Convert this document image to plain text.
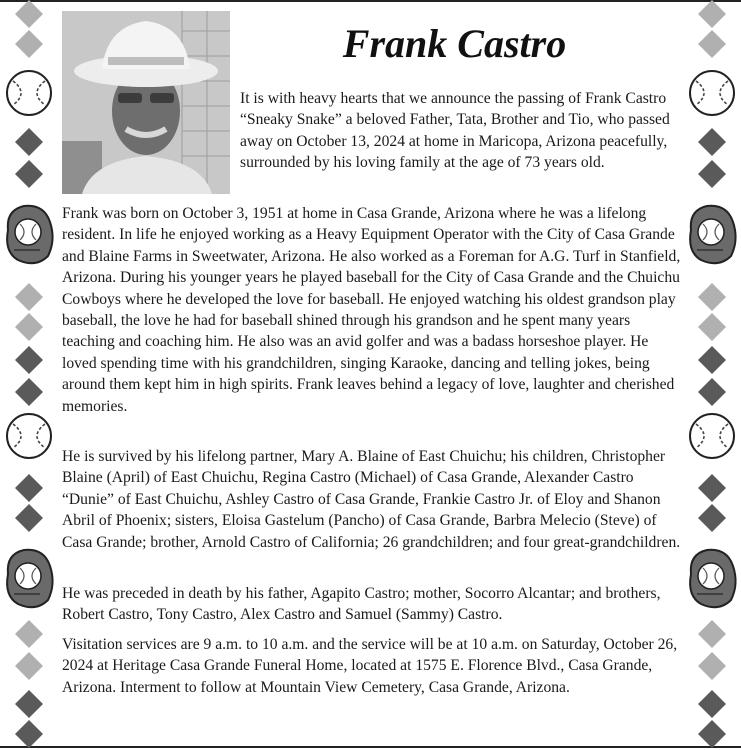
Frank Castro

It is with heavy hearts that we announce the passing of Frank Castro “Sneaky Snake” a beloved Father, Tata, Brother and Tio, who passed away on October 13, 2024 at home in Maricopa, Arizona peacefully, surrounded by his loving family at the age of 73 years old.

Frank was born on October 3, 1951 at home in Casa Grande, Arizona where he was a lifelong resident. In life he enjoyed working as a Heavy Equipment Operator with the City of Casa Grande and Blaine Farms in Sweetwater, Arizona. He also worked as a Foreman for A.G. Turf in Stanfield, Arizona. During his younger years he played baseball for the City of Casa Grande and the Chuichu Cowboys where he developed the love for baseball. He enjoyed watching his oldest grandson play baseball, the love he had for baseball shined through his grandson and he spent many years teaching and coaching him. He also was an avid golfer and was a badass horseshoe player. He loved spending time with his grandchildren, singing Karaoke, dancing and telling jokes, being around them kept him in high spirits. Frank leaves behind a legacy of love, laughter and cherished memories.

He is survived by his lifelong partner, Mary A. Blaine of East Chuichu; his children, Christopher Blaine (April) of East Chuichu, Regina Castro (Michael) of Casa Grande, Alexander Castro “Dunie” of East Chuichu, Ashley Castro of Casa Grande, Frankie Castro Jr. of Eloy and Shanon Abril of Phoenix; sisters, Eloisa Gastelum (Pancho) of Casa Grande, Barbra Melecio (Steve) of Casa Grande; brother, Arnold Castro of California; 26 grandchildren; and four great-grandchildren.

He was preceded in death by his father, Agapito Castro; mother, Socorro Alcantar; and brothers, Robert Castro, Tony Castro, Alex Castro and Samuel (Sammy) Castro.

Visitation services are 9 a.m. to 10 a.m. and the service will be at 10 a.m. on Saturday, October 26, 2024 at Heritage Casa Grande Funeral Home, located at 1575 E. Florence Blvd., Casa Grande, Arizona. Interment to follow at Mountain View Cemetery, Casa Grande, Arizona.
